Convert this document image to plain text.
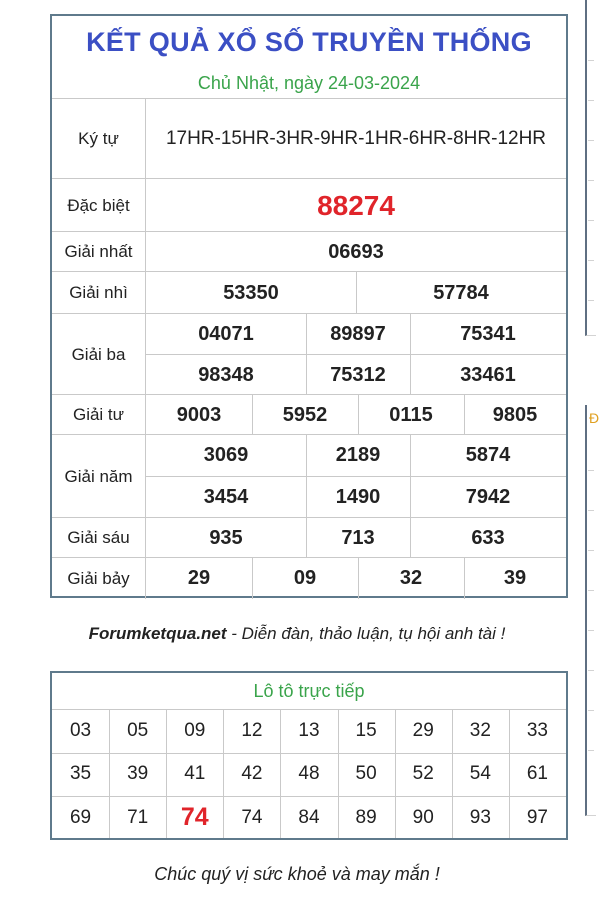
Đ
KẾT QUẢ XỔ SỐ TRUYỀN THỐNG
Chủ Nhật, ngày 24-03-2024
Ký tự	17HR-15HR-3HR-9HR-1HR-6HR-8HR-12HR
Đặc biệt	88274
Giải nhất	06693
Giải nhì	53350	57784
Giải ba
04071	89897	75341
98348	75312	33461
Giải tư	9003	5952	0115	9805
Giải năm
3069	2189	5874
3454	1490	7942
Giải sáu	935	713	633
Giải bảy	29	09	32	39
Forumketqua.net - Diễn đàn, thảo luận, tụ hội anh tài !
Lô tô trực tiếp
03	05	09	12	13	15	29	32	33
35	39	41	42	48	50	52	54	61
69	71	74	74	84	89	90	93	97
Chúc quý vị sức khoẻ và may mắn !
